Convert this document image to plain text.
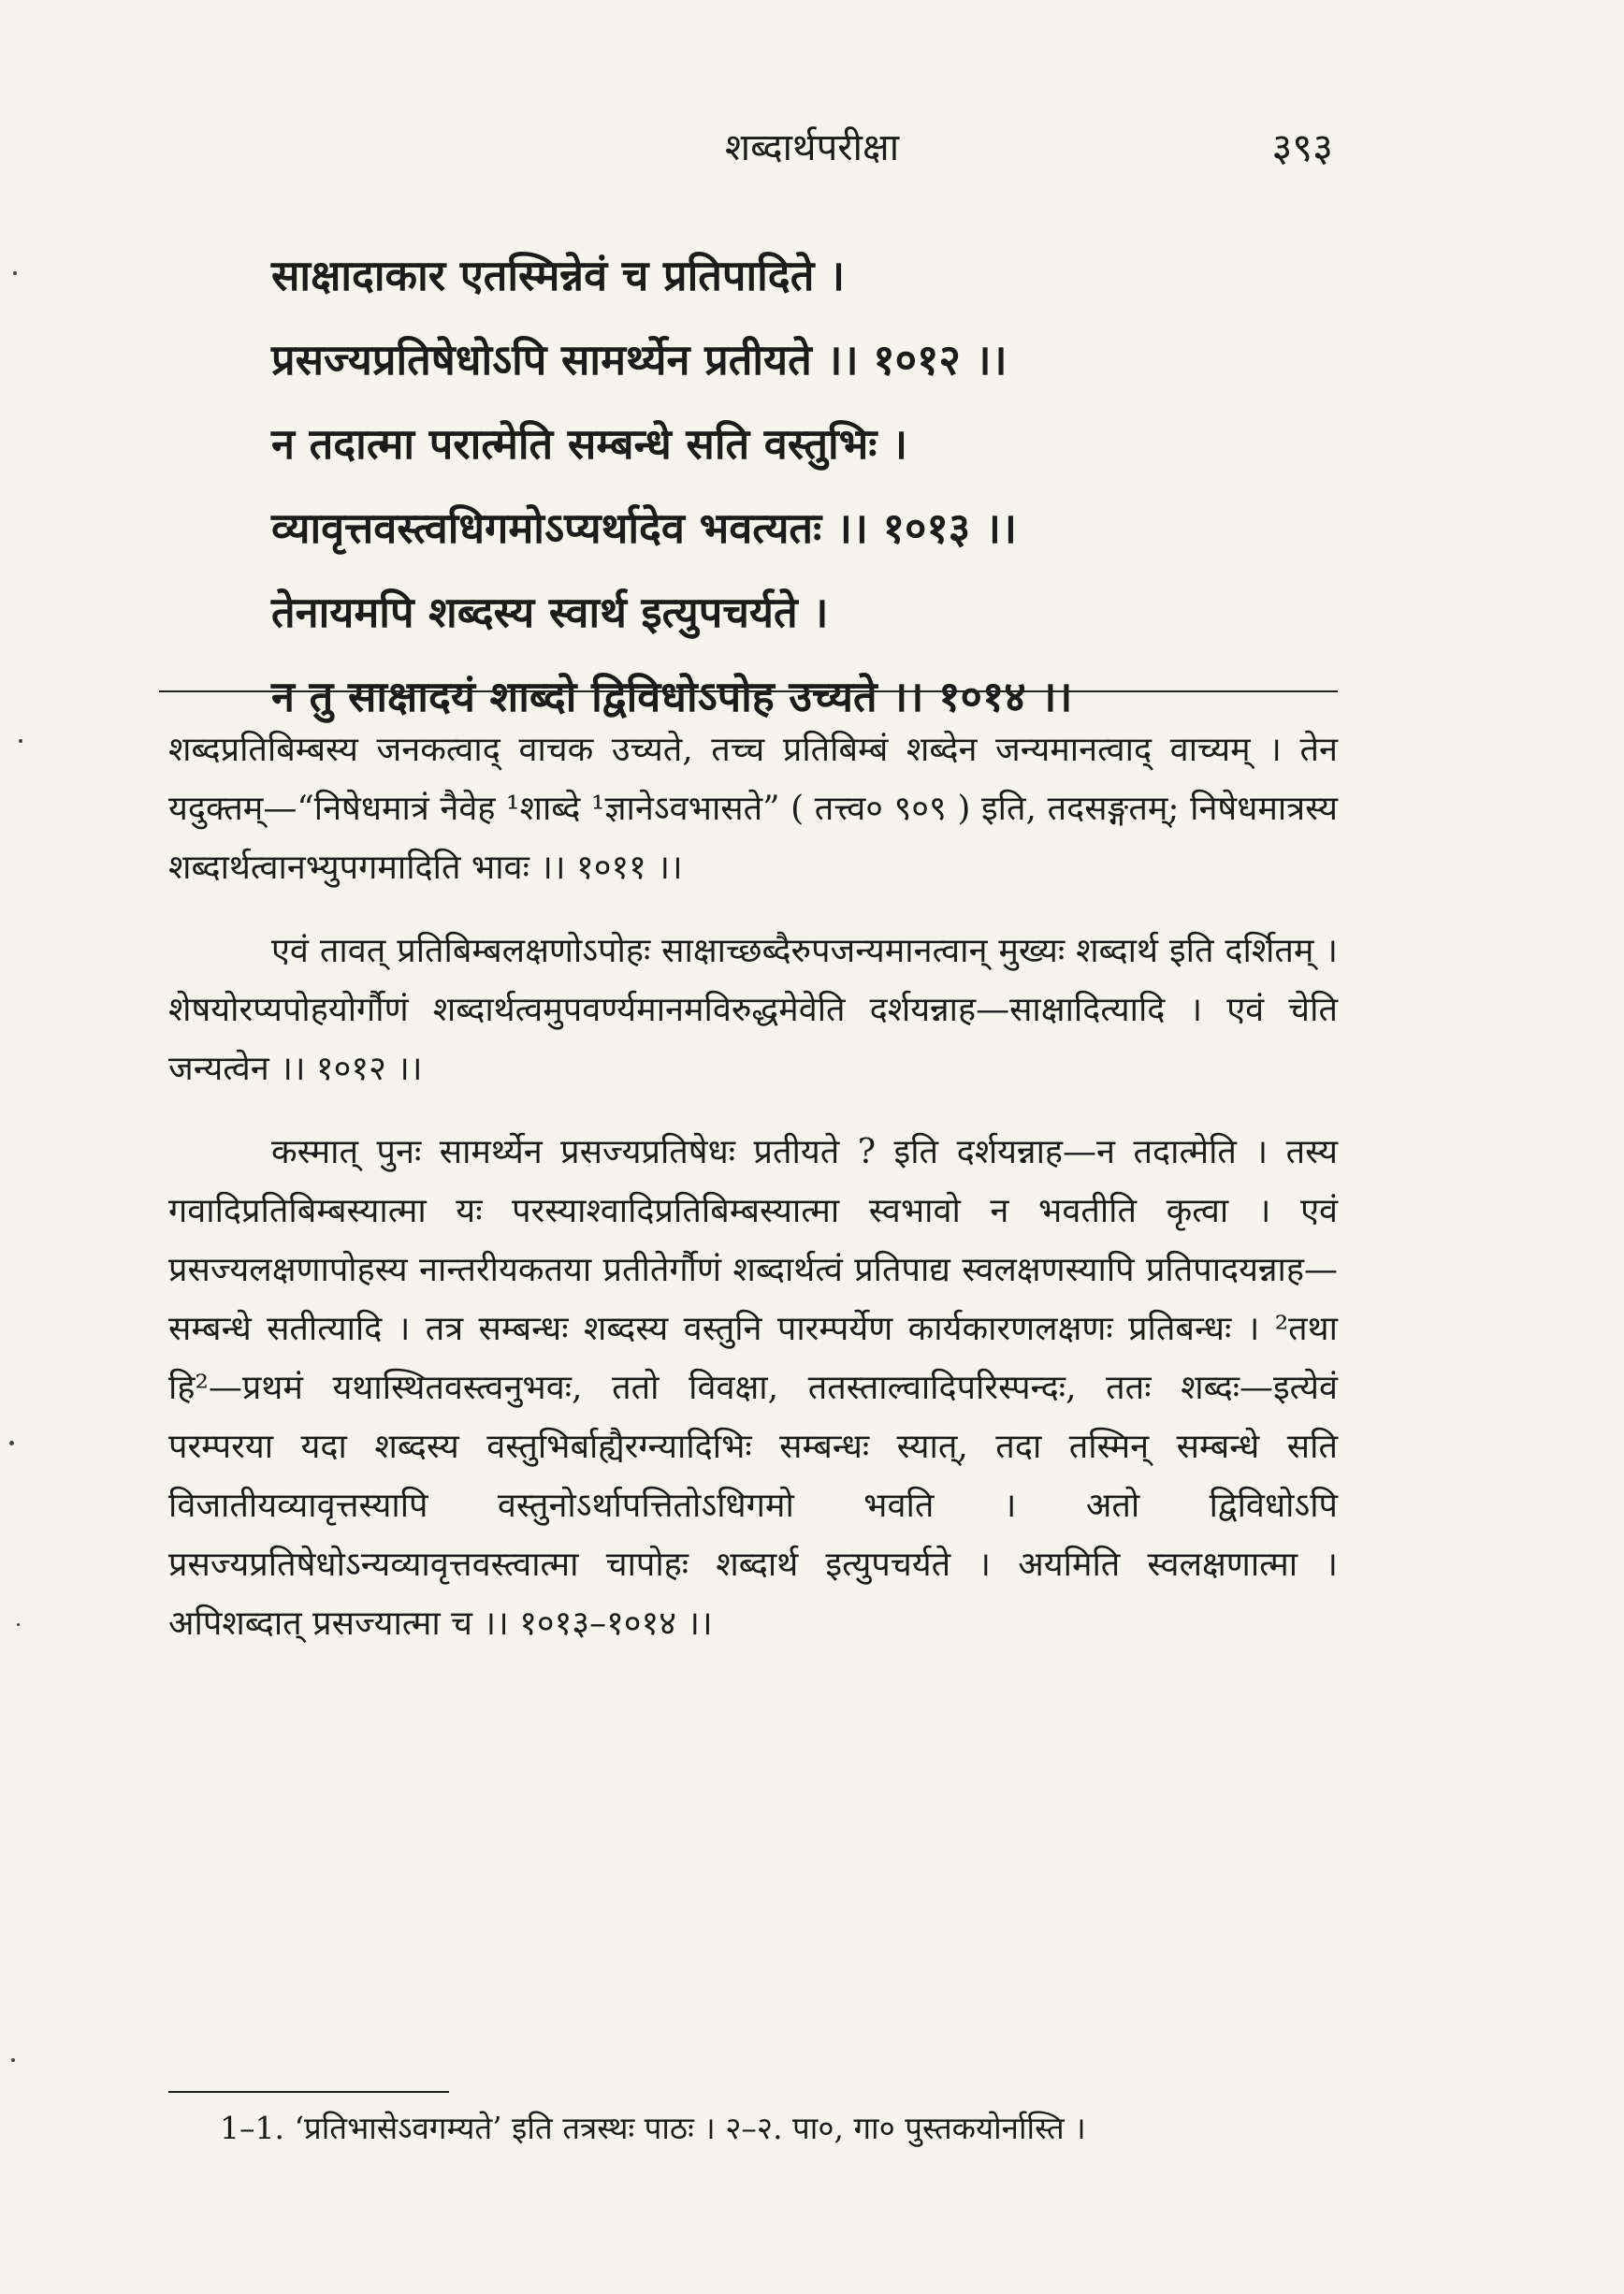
शब्दार्थपरीक्षा	३९३
साक्षादाकार एतस्मिन्नेवं च प्रतिपादिते ।
प्रसज्यप्रतिषेधोऽपि सामर्थ्येन प्रतीयते ।। १०१२ ।।
न तदात्मा परात्मेति सम्बन्धे सति वस्तुभिः ।
व्यावृत्तवस्त्वधिगमोऽप्यर्थादेव भवत्यतः ।। १०१३ ।।
तेनायमपि शब्दस्य स्वार्थ इत्युपचर्यते ।
न तु साक्षादयं शाब्दो द्विविधोऽपोह उच्यते ।। १०१४ ।।

शब्दप्रतिबिम्बस्य जनकत्वाद् वाचक उच्यते, तच्च प्रतिबिम्बं शब्देन जन्यमानत्वाद् वाच्यम् । तेन यदुक्तम्—“निषेधमात्रं नैवेह ¹शाब्दे ¹ज्ञानेऽवभासते” ( तत्त्व० ९०९ ) इति, तदसङ्गतम्; निषेधमात्रस्य शब्दार्थत्वानभ्युपगमादिति भावः ।। १०११ ।।

एवं तावत् प्रतिबिम्बलक्षणोऽपोहः साक्षाच्छब्दैरुपजन्यमानत्वान् मुख्यः शब्दार्थ इति दर्शितम् । शेषयोरप्यपोहयोर्गौणं शब्दार्थत्वमुपवर्ण्यमानमविरुद्धमेवेति दर्शयन्नाह—साक्षादित्यादि । एवं चेति जन्यत्वेन ।। १०१२ ।।

कस्मात् पुनः सामर्थ्येन प्रसज्यप्रतिषेधः प्रतीयते ? इति दर्शयन्नाह—न तदात्मेति । तस्य गवादिप्रतिबिम्बस्यात्मा यः परस्याश्वादिप्रतिबिम्बस्यात्मा स्वभावो न भवतीति कृत्वा । एवं प्रसज्यलक्षणापोहस्य नान्तरीयकतया प्रतीतेर्गौणं शब्दार्थत्वं प्रतिपाद्य स्वलक्षणस्यापि प्रतिपादयन्नाह—सम्बन्धे सतीत्यादि । तत्र सम्बन्धः शब्दस्य वस्तुनि पारम्पर्येण कार्यकारणलक्षणः प्रतिबन्धः । ²तथा हि²—प्रथमं यथास्थितवस्त्वनुभवः, ततो विवक्षा, ततस्ताल्वादिपरिस्पन्दः, ततः शब्दः—इत्येवं परम्परया यदा शब्दस्य वस्तुभिर्बाह्यैरग्न्यादिभिः सम्बन्धः स्यात्, तदा तस्मिन् सम्बन्धे सति विजातीयव्यावृत्तस्यापि वस्तुनोऽर्थापत्तितोऽधिगमो भवति । अतो द्विविधोऽपि प्रसज्यप्रतिषेधोऽन्यव्यावृत्तवस्त्वात्मा चापोहः शब्दार्थ इत्युपचर्यते । अयमिति स्वलक्षणात्मा । अपिशब्दात् प्रसज्यात्मा च ।। १०१३–१०१४ ।।

1–1. ‘प्रतिभासेऽवगम्यते’ इति तत्रस्थः पाठः । २–२. पा०, गा० पुस्तकयोर्नास्ति ।
